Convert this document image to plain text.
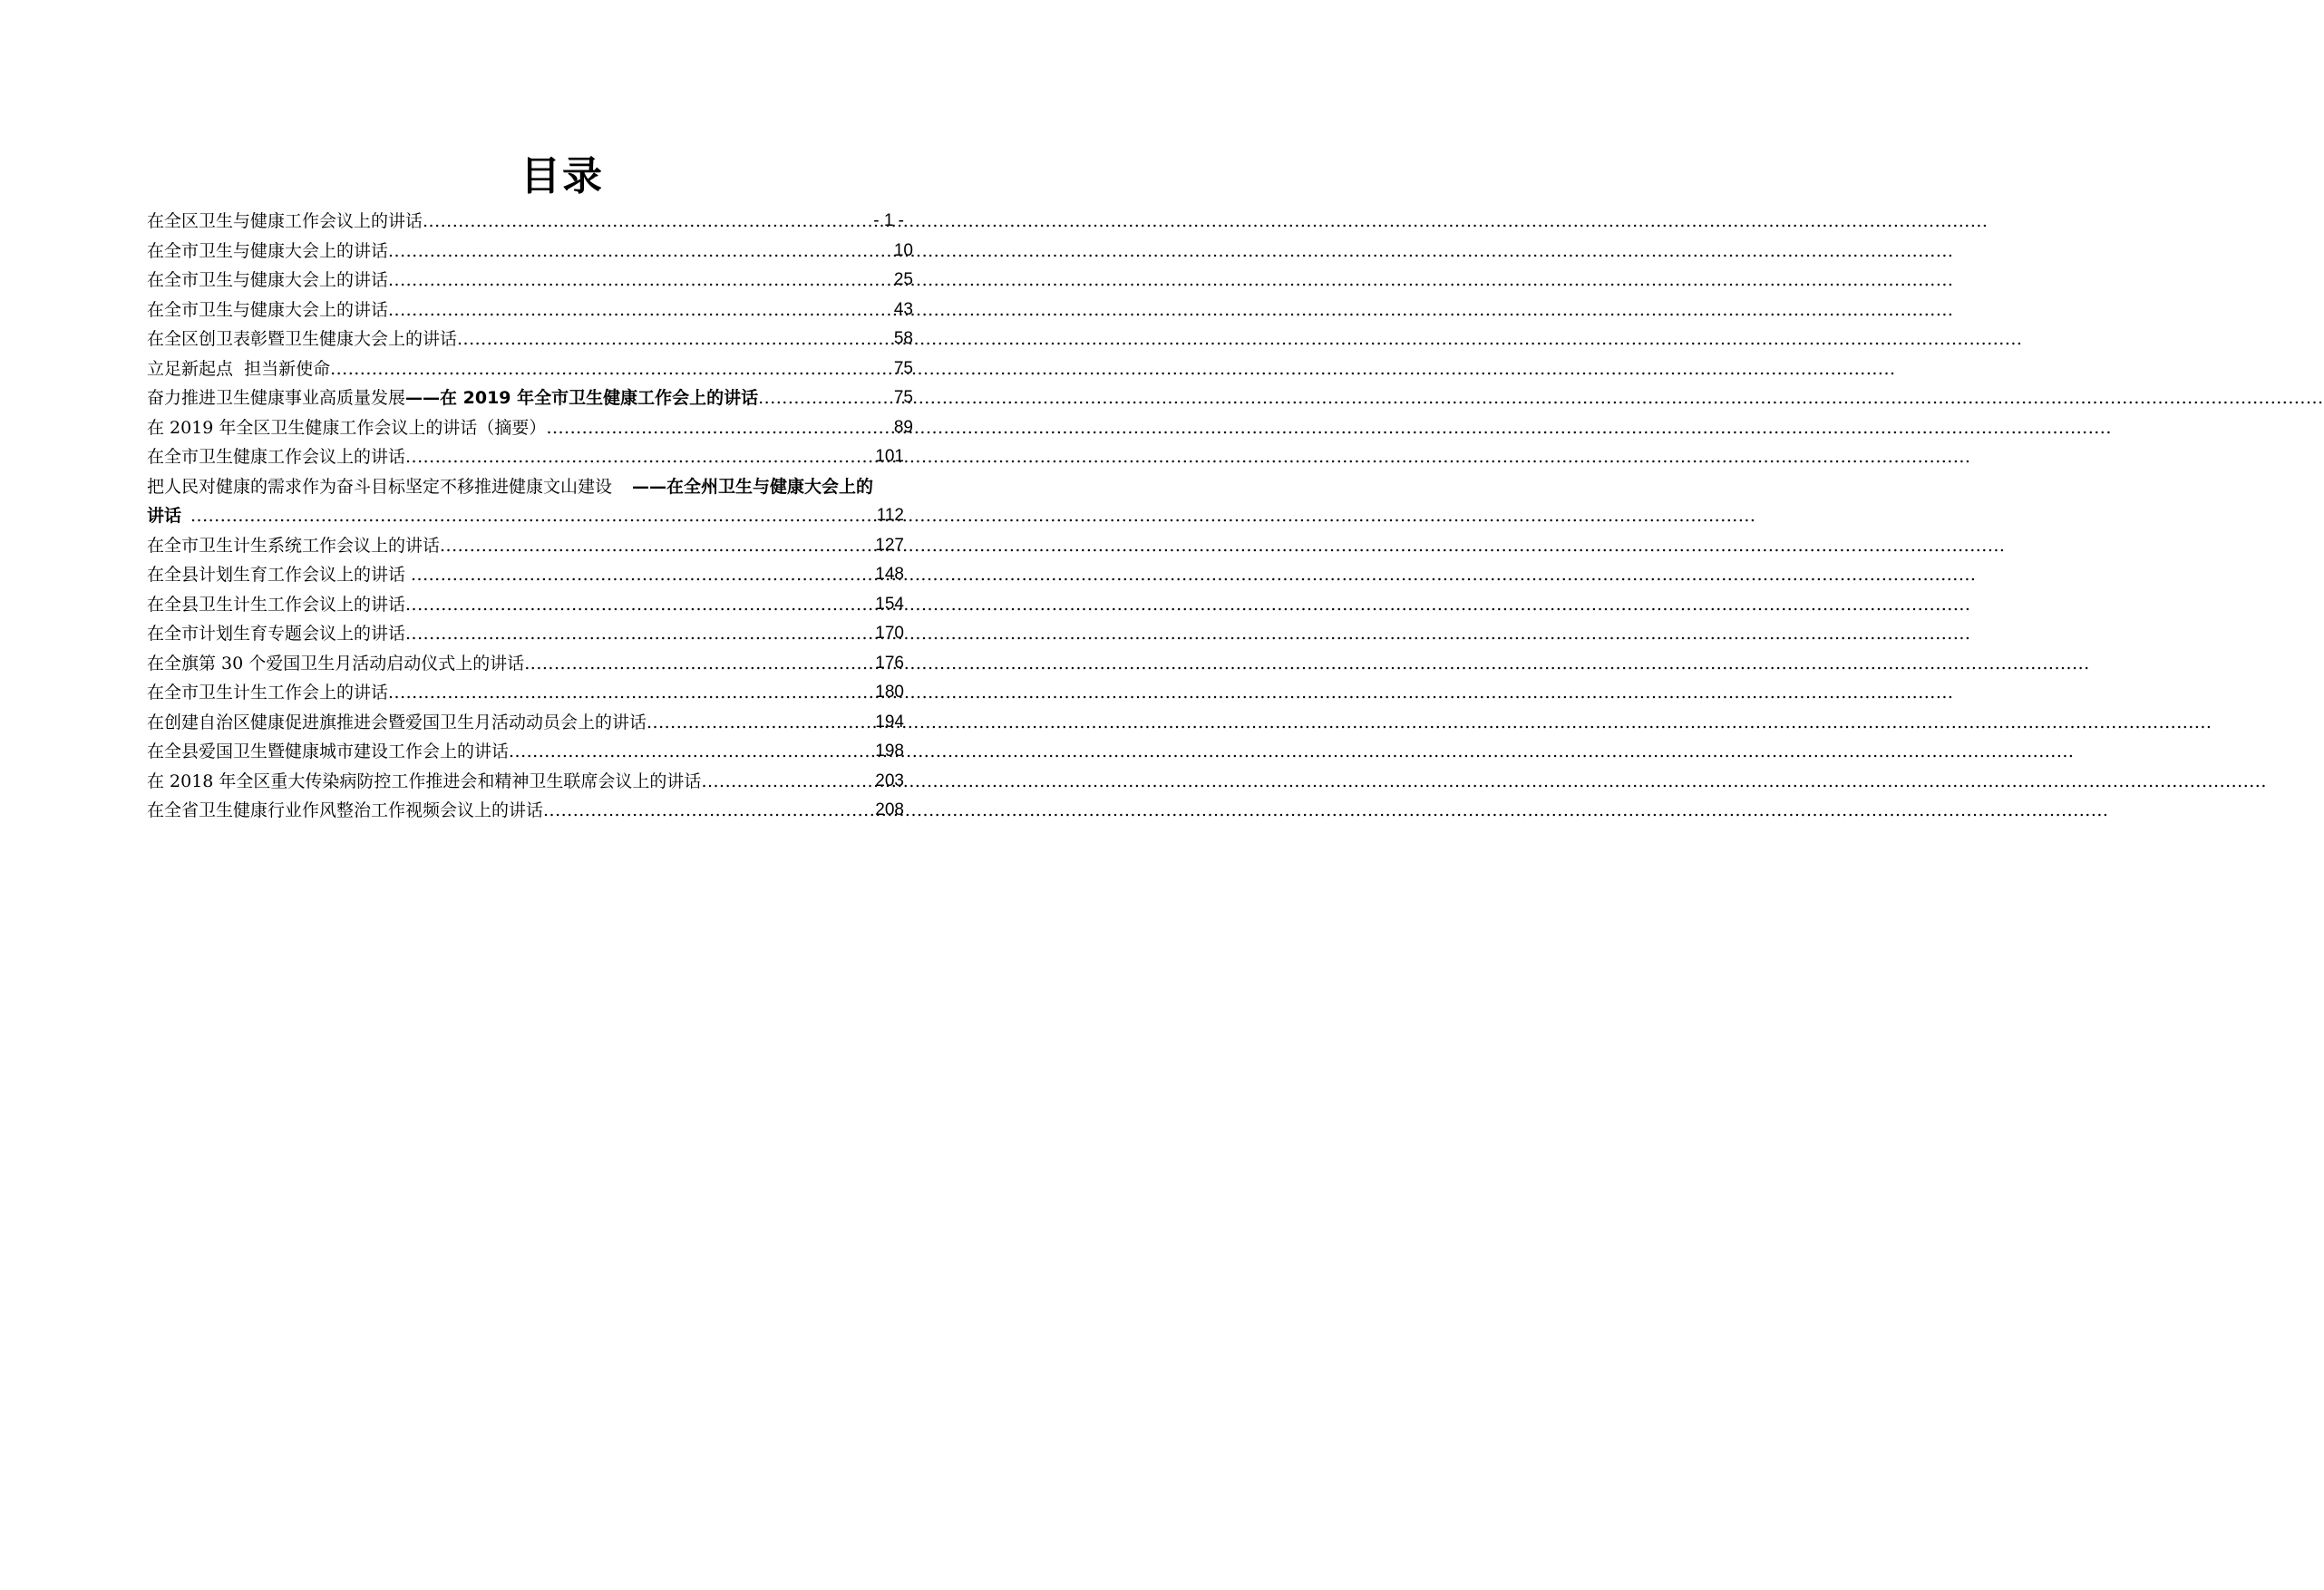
目录
在全区卫生与健康工作会议上的讲话 .....	- 1 -
在全市卫生与健康大会上的讲话 .....	10
在全市卫生与健康大会上的讲话 .....	25
在全市卫生与健康大会上的讲话 .....	43
在全区创卫表彰暨卫生健康大会上的讲话 .....	58
立足新起点  担当新使命 .....	75
奋力推进卫生健康事业高质量发展——在 2019 年全市卫生健康工作会上的讲话 .....	75
在 2019 年全区卫生健康工作会议上的讲话（摘要） .....	89
在全市卫生健康工作会议上的讲话 .....	101
把人民对健康的需求作为奋斗目标坚定不移推进健康文山建设 ——在全州卫生与健康大会上的
讲话 .....	112
在全市卫生计生系统工作会议上的讲话 .....	127
在全县计划生育工作会议上的讲话 .....	148
在全县卫生计生工作会议上的讲话 .....	154
在全市计划生育专题会议上的讲话 .....	170
在全旗第 30 个爱国卫生月活动启动仪式上的讲话 .....	176
在全市卫生计生工作会上的讲话 .....	180
在创建自治区健康促进旗推进会暨爱国卫生月活动动员会上的讲话 .....	194
在全县爱国卫生暨健康城市建设工作会上的讲话 .....	198
在 2018 年全区重大传染病防控工作推进会和精神卫生联席会议上的讲话 .....	203
在全省卫生健康行业作风整治工作视频会议上的讲话 .....	208
